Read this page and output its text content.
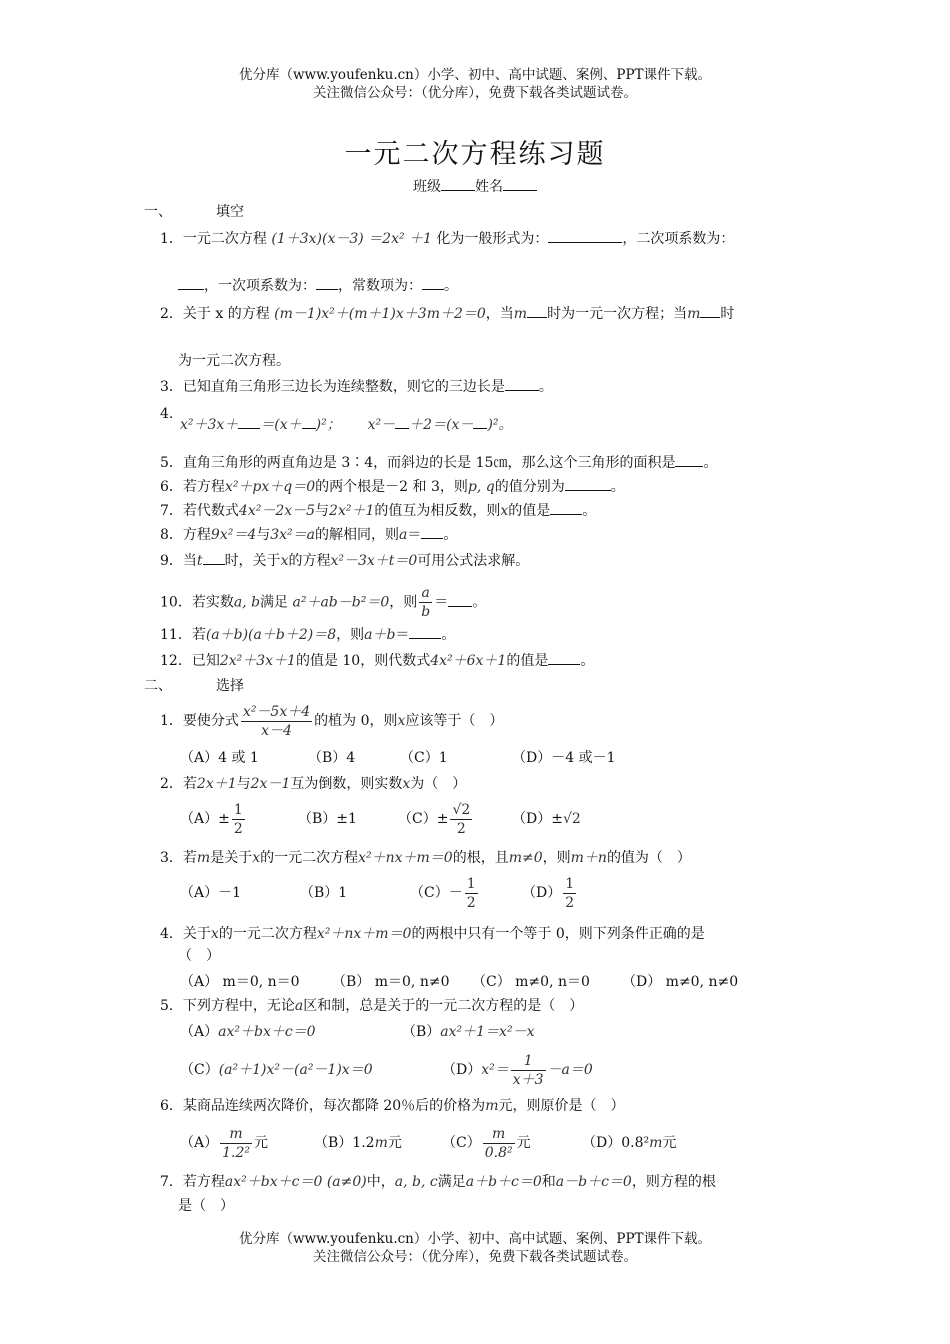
优分库（www.youfenku.cn）小学、初中、高中试题、案例、PPT课件下载。
关注微信公众号：（优分库），免费下载各类试题试卷。
一元二次方程练习题
班级 姓名
一、	填空
1．一元二次方程 (1＋3x)(x－3) ＝2x² ＋1 化为一般形式为：	，二次项系数为：
，一次项系数为： ，常数项为： 。
2．关于 x 的方程 (m－1)x²＋(m＋1)x＋3m＋2＝0，当m 时为一元一次方程；当m 时
为一元二次方程。
3．已知直角三角形三边长为连续整数，则它的三边长是 。
4.
x²＋3x＋ ＝(x＋ )²； x²－ ＋2＝(x－ )²。
5．直角三角形的两直角边是 3∶4，而斜边的长是 15㎝，那么这个三角形的面积是 。
6．若方程x²＋px＋q＝0的两个根是－2 和 3，则p, q的值分别为	。
7．若代数式4x²－2x－5与2x²＋1的值互为相反数，则x的值是 。
8．方程9x²＝4与3x²＝a的解相同，则a＝ 。
9．当t 时，关于x的方程x²－3x＋t＝0可用公式法求解。
10．若实数a, b满足 a²＋ab－b²＝0，则 $\frac{a}{b}$ ＝ 。
11．若(a＋b)(a＋b＋2)＝8，则a＋b＝ 。
12．已知2x²＋3x＋1的值是 10，则代数式4x²＋6x＋1的值是 。
二、	选择
1．要使分式 $\frac{\text{x²－5x＋4}}{x-4}$ 的植为 0，则x应该等于（　）
（A）4 或 1	（B）4	（C）1	（D）－4 或－1
2．若2x＋1与2x－1互为倒数，则实数x为（　）
$(A)\pm \frac{1}{2}$	（B）±1	$(C)\pm \frac{√2}{2}$	（D）±√2
3．若m是关于x的一元二次方程x²＋nx＋m＝0的根，且m≠0，则m＋n的值为（　）
（A）－1	（B）1	$(C)- \frac{1}{2}$	$(D) \frac{1}{2}$
4．关于x的一元二次方程x²＋nx＋m＝0的两根中只有一个等于 0，则下列条件正确的是
（　）
（A） m＝0, n＝0 （B） m＝0, n≠0 （C） m≠0, n＝0 （D） m≠0, n≠0
5．下列方程中，无论a区和制，总是关于的一元二次方程的是（　）
（A）ax²＋bx＋c＝0	（B）ax²＋1＝x²－x
（C）(a²＋1)x²－(a²－1)x＝0	$(D)x^2= \frac{1}{x+3} -a=0$
6．某商品连续两次降价，每次都降 20％后的价格为m元，则原价是（　）
$(A) \frac{m}{\text{1.2²}}$ 元	（B）1.2m元	$(C) \frac{m}{\text{0.8²}}$ 元	（D）0.8²m元
7．若方程ax²＋bx＋c＝0 (a≠0)中，a, b, c满足a＋b＋c＝0和a－b＋c＝0，则方程的根
是（　）
优分库（www.youfenku.cn）小学、初中、高中试题、案例、PPT课件下载。
关注微信公众号：（优分库），免费下载各类试题试卷。
